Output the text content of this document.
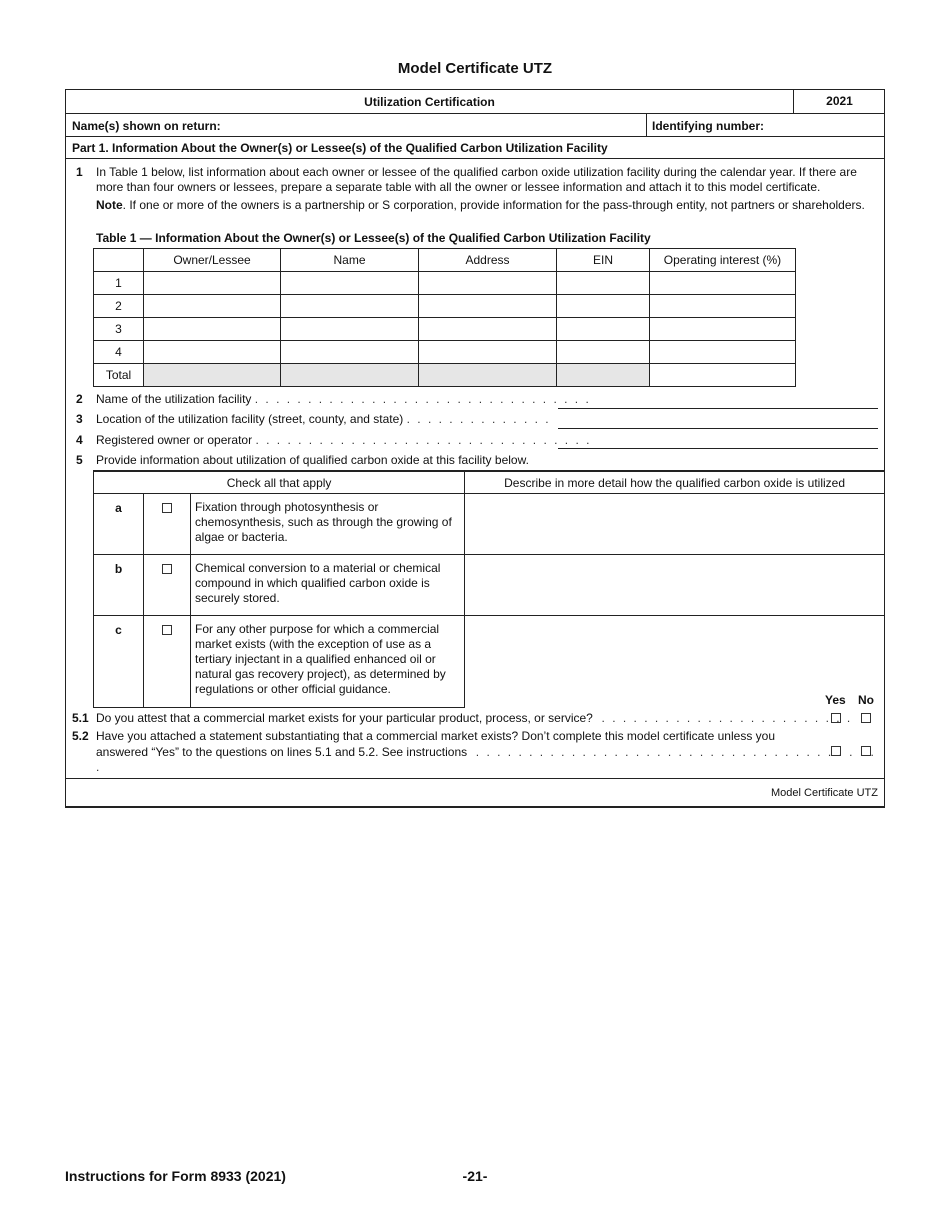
Model Certificate UTZ
Utilization Certification	2021
Name(s) shown on return:	Identifying number:
Part 1. Information About the Owner(s) or Lessee(s) of the Qualified Carbon Utilization Facility
1 In Table 1 below, list information about each owner or lessee of the qualified carbon oxide utilization facility during the calendar year. If there are more than four owners or lessees, prepare a separate table with all the owner or lessee information and attach it to this model certificate.
Note. If one or more of the owners is a partnership or S corporation, provide information for the pass-through entity, not partners or shareholders.
Table 1 — Information About the Owner(s) or Lessee(s) of the Qualified Carbon Utilization Facility
	Owner/Lessee	Name	Address	EIN	Operating interest (%)
1					
2					
3					
4					
Total					
2 Name of the utilization facility . . . . . . . . . . . . . . . . . . . . . . . . . . . . . . . .
3 Location of the utilization facility (street, county, and state) . . . . . . . . . . . . . .
4 Registered owner or operator . . . . . . . . . . . . . . . . . . . . . . . . . . . . . . . .
5 Provide information about utilization of qualified carbon oxide at this facility below.
Check all that apply			Describe in more detail how the qualified carbon oxide is utilized
a		Fixation through photosynthesis or chemosynthesis, such as through the growing of algae or bacteria.	
b		Chemical conversion to a material or chemical compound in which qualified carbon oxide is securely stored.	
c		For any other purpose for which a commercial market exists (with the exception of use as a tertiary injectant in a qualified enhanced oil or natural gas recovery project), as determined by regulations or other official guidance.	
Yes No
5.1 Do you attest that a commercial market exists for your particular product, process, or service?  . . . . . . . . . . . . . . . . . . . . . . . .
5.2 Have you attached a statement substantiating that a commercial market exists? Don’t complete this model certificate unless you
answered “Yes” to the questions on lines 5.1 and 5.2. See instructions  . . . . . . . . . . . . . . . . . . . . . . . . . . . . . . . . . . . . . . .
Model Certificate UTZ
Instructions for Form 8933 (2021)	-21-
